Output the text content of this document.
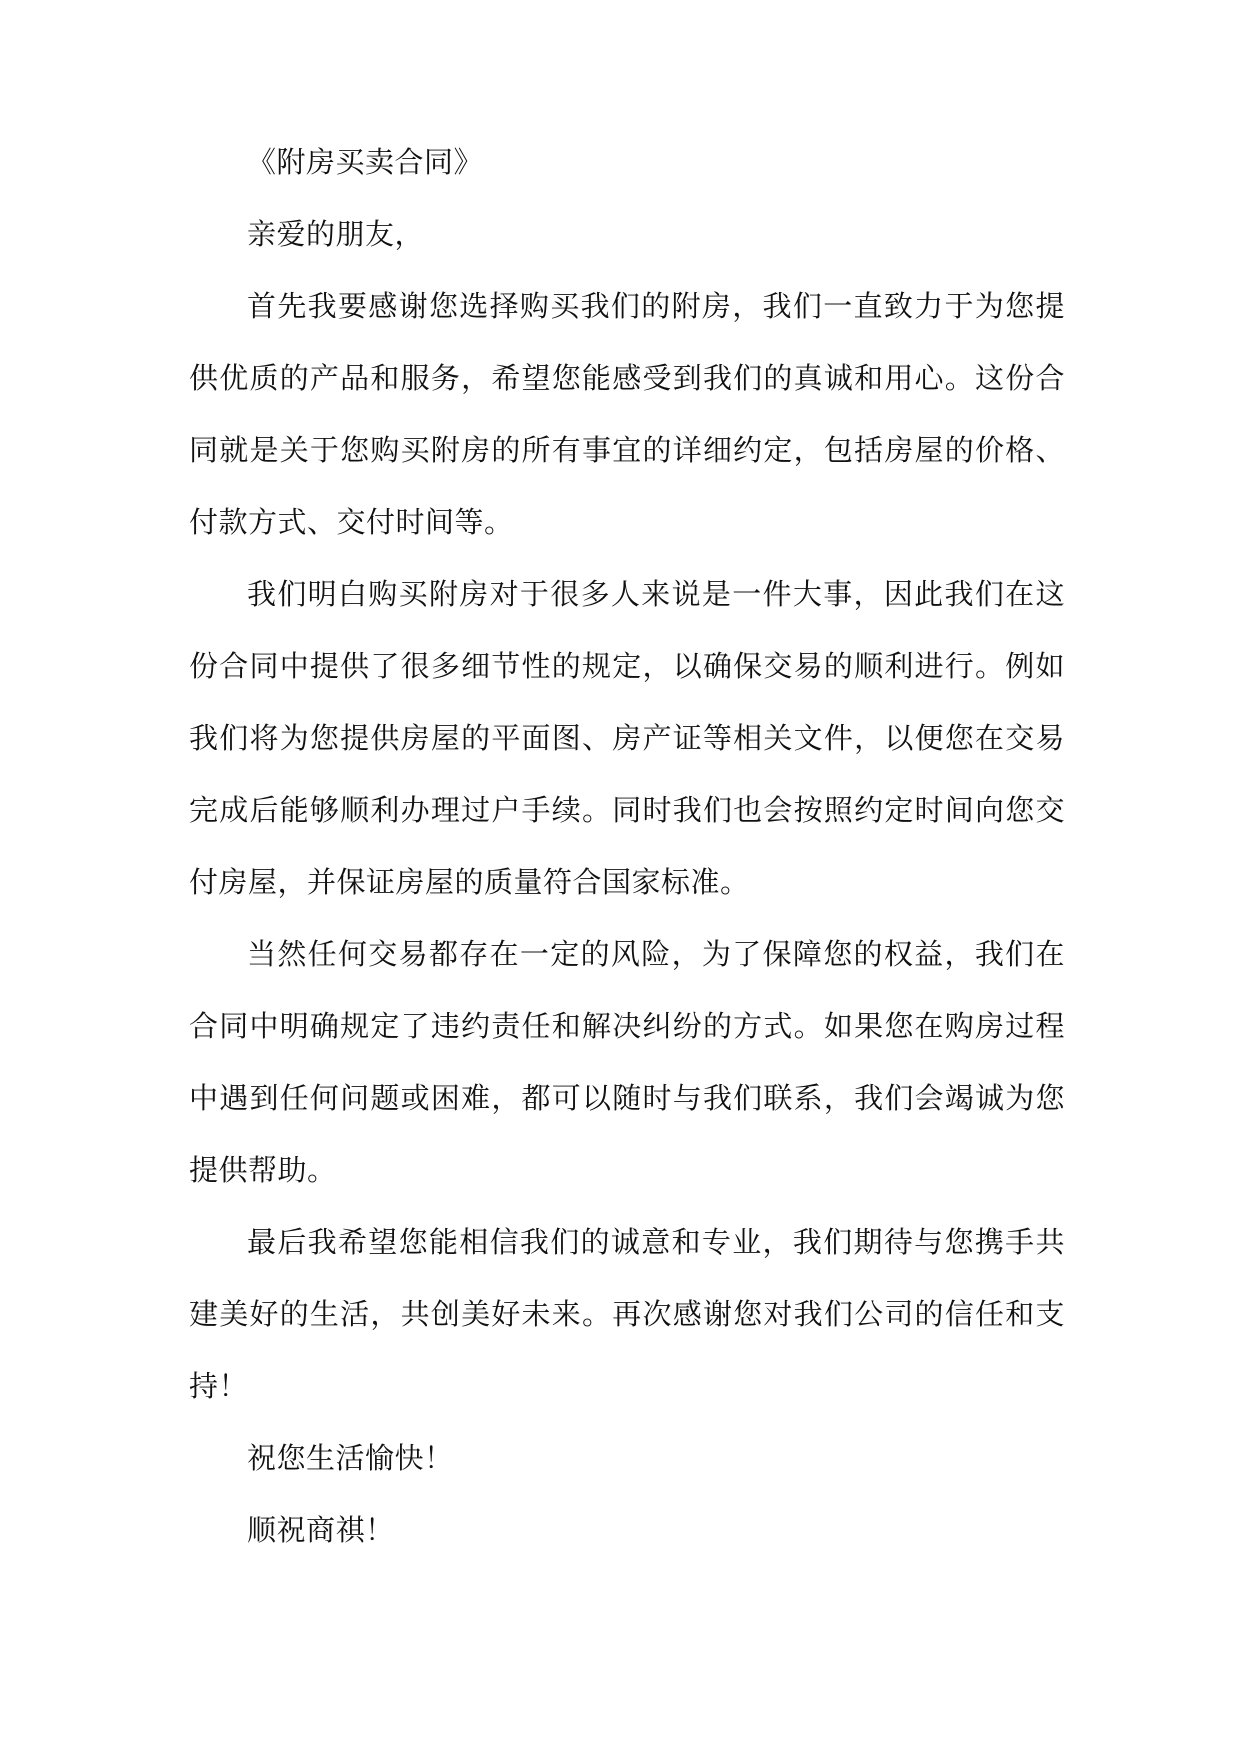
《附房买卖合同》

亲爱的朋友，

首先我要感谢您选择购买我们的附房，我们一直致力于为您提供优质的产品和服务，希望您能感受到我们的真诚和用心。这份合同就是关于您购买附房的所有事宜的详细约定，包括房屋的价格、付款方式、交付时间等。

我们明白购买附房对于很多人来说是一件大事，因此我们在这份合同中提供了很多细节性的规定，以确保交易的顺利进行。例如我们将为您提供房屋的平面图、房产证等相关文件，以便您在交易完成后能够顺利办理过户手续。同时我们也会按照约定时间向您交付房屋，并保证房屋的质量符合国家标准。

当然任何交易都存在一定的风险，为了保障您的权益，我们在合同中明确规定了违约责任和解决纠纷的方式。如果您在购房过程中遇到任何问题或困难，都可以随时与我们联系，我们会竭诚为您提供帮助。

最后我希望您能相信我们的诚意和专业，我们期待与您携手共建美好的生活，共创美好未来。再次感谢您对我们公司的信任和支持！

祝您生活愉快！

顺祝商祺！
